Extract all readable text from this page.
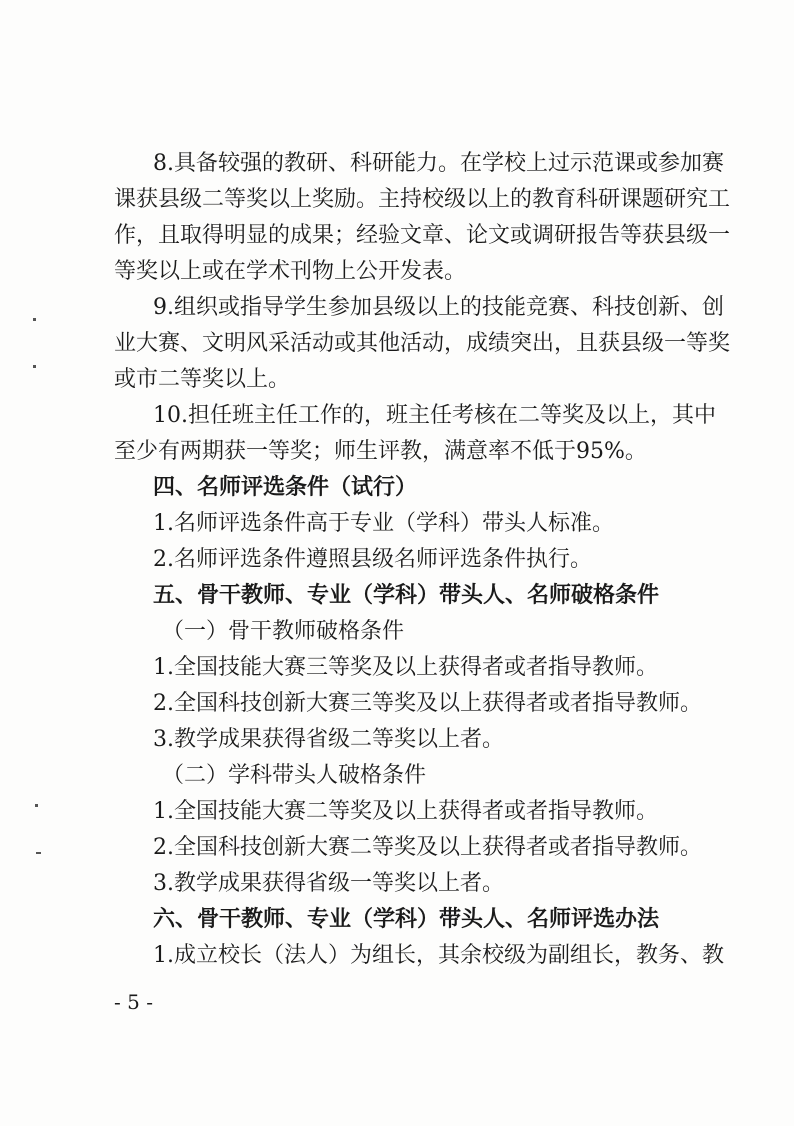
8.具备较强的教研、科研能力。在学校上过示范课或参加赛
课获县级二等奖以上奖励。主持校级以上的教育科研课题研究工
作，且取得明显的成果；经验文章、论文或调研报告等获县级一
等奖以上或在学术刊物上公开发表。
9.组织或指导学生参加县级以上的技能竞赛、科技创新、创
业大赛、文明风采活动或其他活动，成绩突出，且获县级一等奖
或市二等奖以上。
10.担任班主任工作的，班主任考核在二等奖及以上，其中
至少有两期获一等奖；师生评教，满意率不低于95%。
四、名师评选条件（试行）
1.名师评选条件高于专业（学科）带头人标准。
2.名师评选条件遵照县级名师评选条件执行。
五、骨干教师、专业（学科）带头人、名师破格条件
（一）骨干教师破格条件
1.全国技能大赛三等奖及以上获得者或者指导教师。
2.全国科技创新大赛三等奖及以上获得者或者指导教师。
3.教学成果获得省级二等奖以上者。
（二）学科带头人破格条件
1.全国技能大赛二等奖及以上获得者或者指导教师。
2.全国科技创新大赛二等奖及以上获得者或者指导教师。
3.教学成果获得省级一等奖以上者。
六、骨干教师、专业（学科）带头人、名师评选办法
1.成立校长（法人）为组长，其余校级为副组长，教务、教
- 5 -
